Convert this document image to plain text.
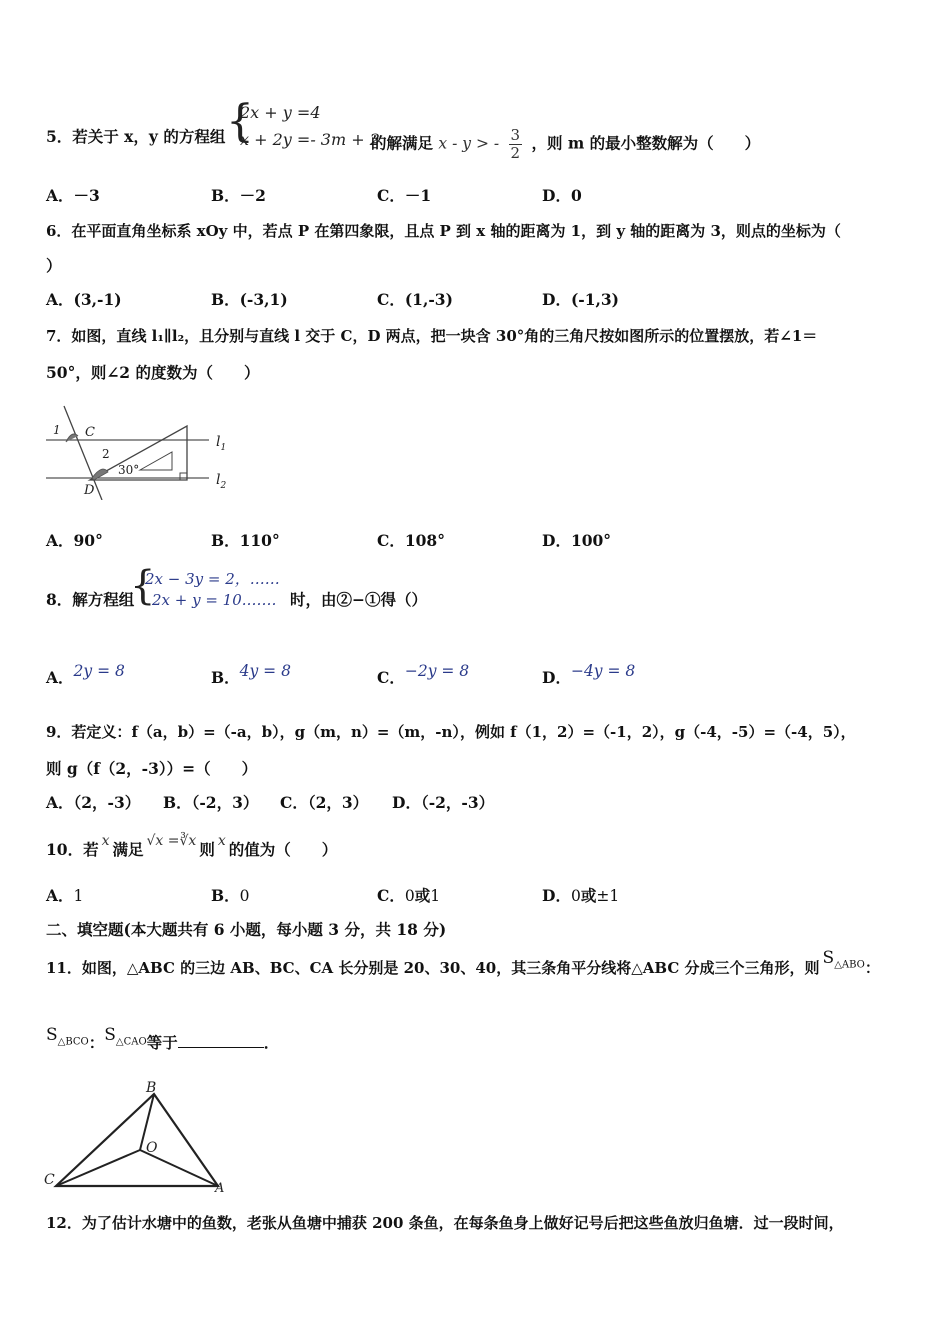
5．若关于 x，y 的方程组 {
2x + y =4
x + 2y =- 3m + 2
的解满足 x - y > - $\frac{3}{2}$ ，则 m 的最小整数解为（　　）
A．－3	B．－2	C．－1	D．0
6．在平面直角坐标系 xOy 中，若点 P 在第四象限，且点 P 到 x 轴的距离为 1，到 y 轴的距离为 3，则点的坐标为（
）
A．(3,-1)	B．(-3,1)	C．(1,-3)	D．(-1,3)
7．如图，直线 l₁∥l₂，且分别与直线 l 交于 C，D 两点，把一块含 30°角的三角尺按如图所示的位置摆放，若∠1＝
50°，则∠2 的度数为（　　）
1 C
2
30°
D
$l_1$
$l_2$
A．90°	B．110°	C．108°	D．100°
8．解方程组
{
2x − 3y = 2，……
2x + y = 10.…… 时，由②−①得（）
A．2y = 8	B．4y = 8	C．−2y = 8	D．−4y = 8
9．若定义：f（a，b）=（-a，b），g（m，n）=（m，-n），例如 f（1，2）=（-1，2），g（-4，-5）=（-4，5），
则 g（f（2，-3））=（　　）
A．（2，-3） B．（-2，3） C．（2，3） D．（-2，-3）
10．若 x 满足 √x =∛x 则 x 的值为（　　）
A．1	B．0	C．0或1	D．0或±1
二、填空题(本大题共有 6 小题，每小题 3 分，共 18 分)
11．如图，△ABC 的三边 AB、BC、CA 长分别是 20、30、40，其三条角平分线将△ABC 分成三个三角形，则 $S_{\triangle ABO}$：
$S_{\triangle BCO}$：$S_{\triangle CAO}$等于	．
B
O
C
A
12．为了估计水塘中的鱼数，老张从鱼塘中捕获 200 条鱼，在每条鱼身上做好记号后把这些鱼放归鱼塘．过一段时间，
